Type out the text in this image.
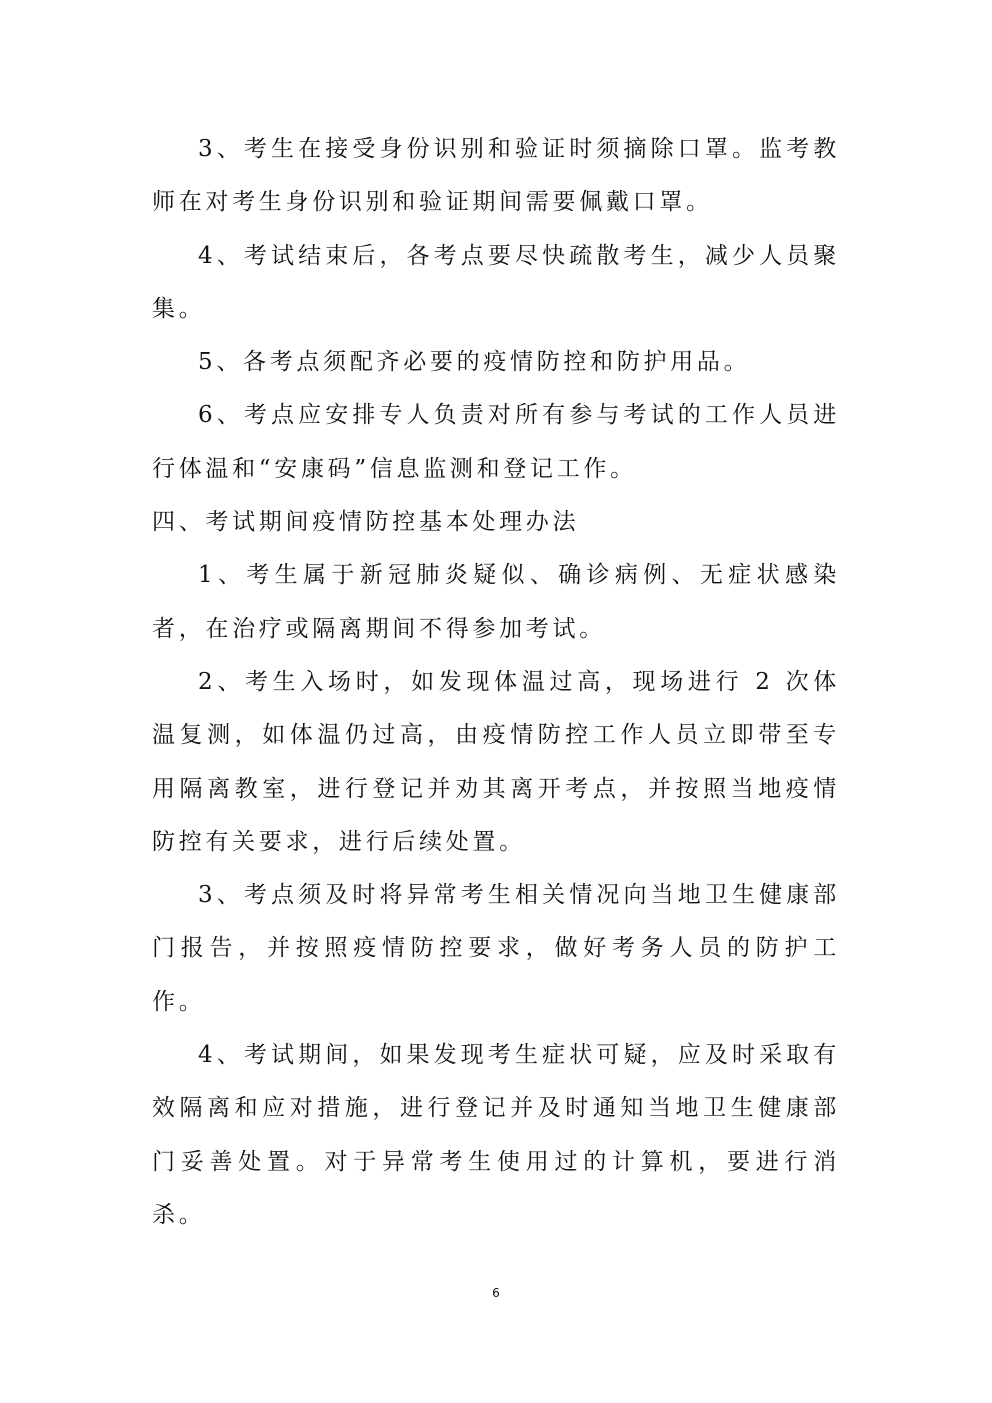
3、考生在接受身份识别和验证时须摘除口罩。监考教师在对考生身份识别和验证期间需要佩戴口罩。

4、考试结束后，各考点要尽快疏散考生，减少人员聚集。

5、各考点须配齐必要的疫情防控和防护用品。

6、考点应安排专人负责对所有参与考试的工作人员进行体温和“安康码”信息监测和登记工作。

四、考试期间疫情防控基本处理办法

1、考生属于新冠肺炎疑似、确诊病例、无症状感染者，在治疗或隔离期间不得参加考试。

2、考生入场时，如发现体温过高，现场进行 2 次体温复测，如体温仍过高，由疫情防控工作人员立即带至专用隔离教室，进行登记并劝其离开考点，并按照当地疫情防控有关要求，进行后续处置。

3、考点须及时将异常考生相关情况向当地卫生健康部门报告，并按照疫情防控要求，做好考务人员的防护工作。

4、考试期间，如果发现考生症状可疑，应及时采取有效隔离和应对措施，进行登记并及时通知当地卫生健康部门妥善处置。对于异常考生使用过的计算机，要进行消杀。

6
